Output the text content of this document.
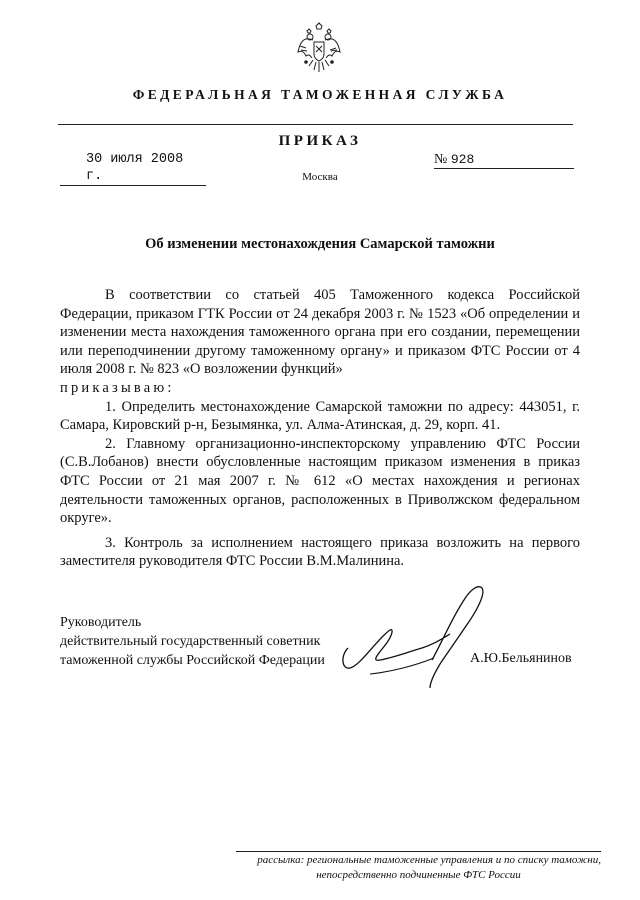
ФЕДЕРАЛЬНАЯ ТАМОЖЕННАЯ СЛУЖБА
ПРИКАЗ
30 июля 2008 г.
№ 928
Москва
Об изменении местонахождения Самарской таможни

В соответствии со статьей 405 Таможенного кодекса Российской Федерации, приказом ГТК России от 24 декабря 2003 г. № 1523 «Об определении и изменении места нахождения таможенного органа при его создании, перемещении или переподчинении другому таможенному органу» и приказом ФТС России от 4 июля 2008 г. № 823 «О возложении функций»

приказываю:

1. Определить местонахождение Самарской таможни по адресу: 443051, г. Самара, Кировский р-н, Безымянка, ул. Алма-Атинская, д. 29, корп. 41.

2. Главному организационно-инспекторскому управлению ФТС России (С.В.Лобанов) внести обусловленные настоящим приказом изменения в приказ ФТС России от 21 мая 2007 г. № 612 «О местах нахождения и регионах деятельности таможенных органов, расположенных в Приволжском федеральном округе».

3. Контроль за исполнением настоящего приказа возложить на первого заместителя руководителя ФТС России В.М.Малинина.

Руководитель
действительный государственный советник
таможенной службы Российской Федерации	А.Ю.Бельянинов
рассылка: региональные таможенные управления и по списку таможни,
непосредственно подчиненные ФТС России
